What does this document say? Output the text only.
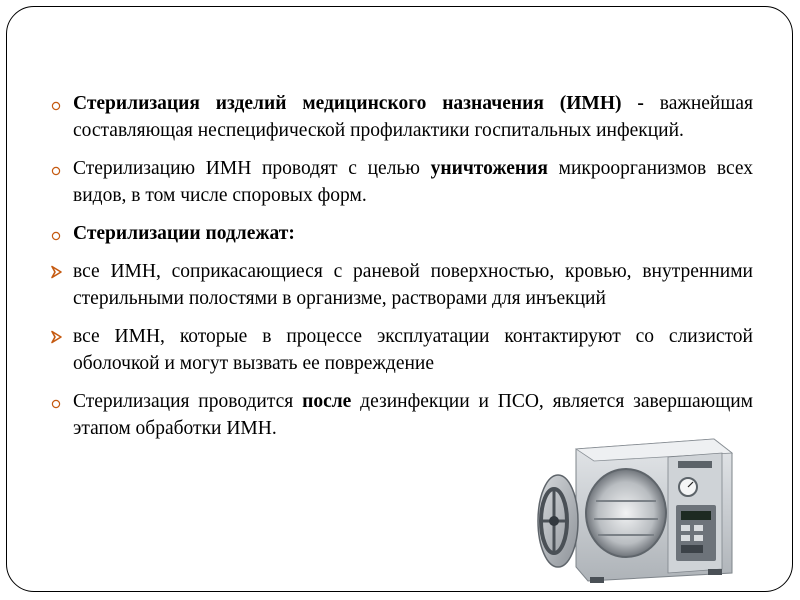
Стерилизация изделий медицинского назначения (ИМН) - важнейшая составляющая неспецифической профилактики госпитальных инфекций.
Стерилизацию ИМН проводят с целью уничтожения микроорганизмов всех видов, в том числе споровых форм.
Стерилизации подлежат:
все ИМН, соприкасающиеся с раневой поверхностью, кровью, внутренними стерильными полостями в организме, растворами для инъекций
все ИМН, которые в процессе эксплуатации контактируют со слизистой оболочкой и могут вызвать ее повреждение
Стерилизация проводится после дезинфекции и ПСО, является завершающим этапом обработки ИМН.
